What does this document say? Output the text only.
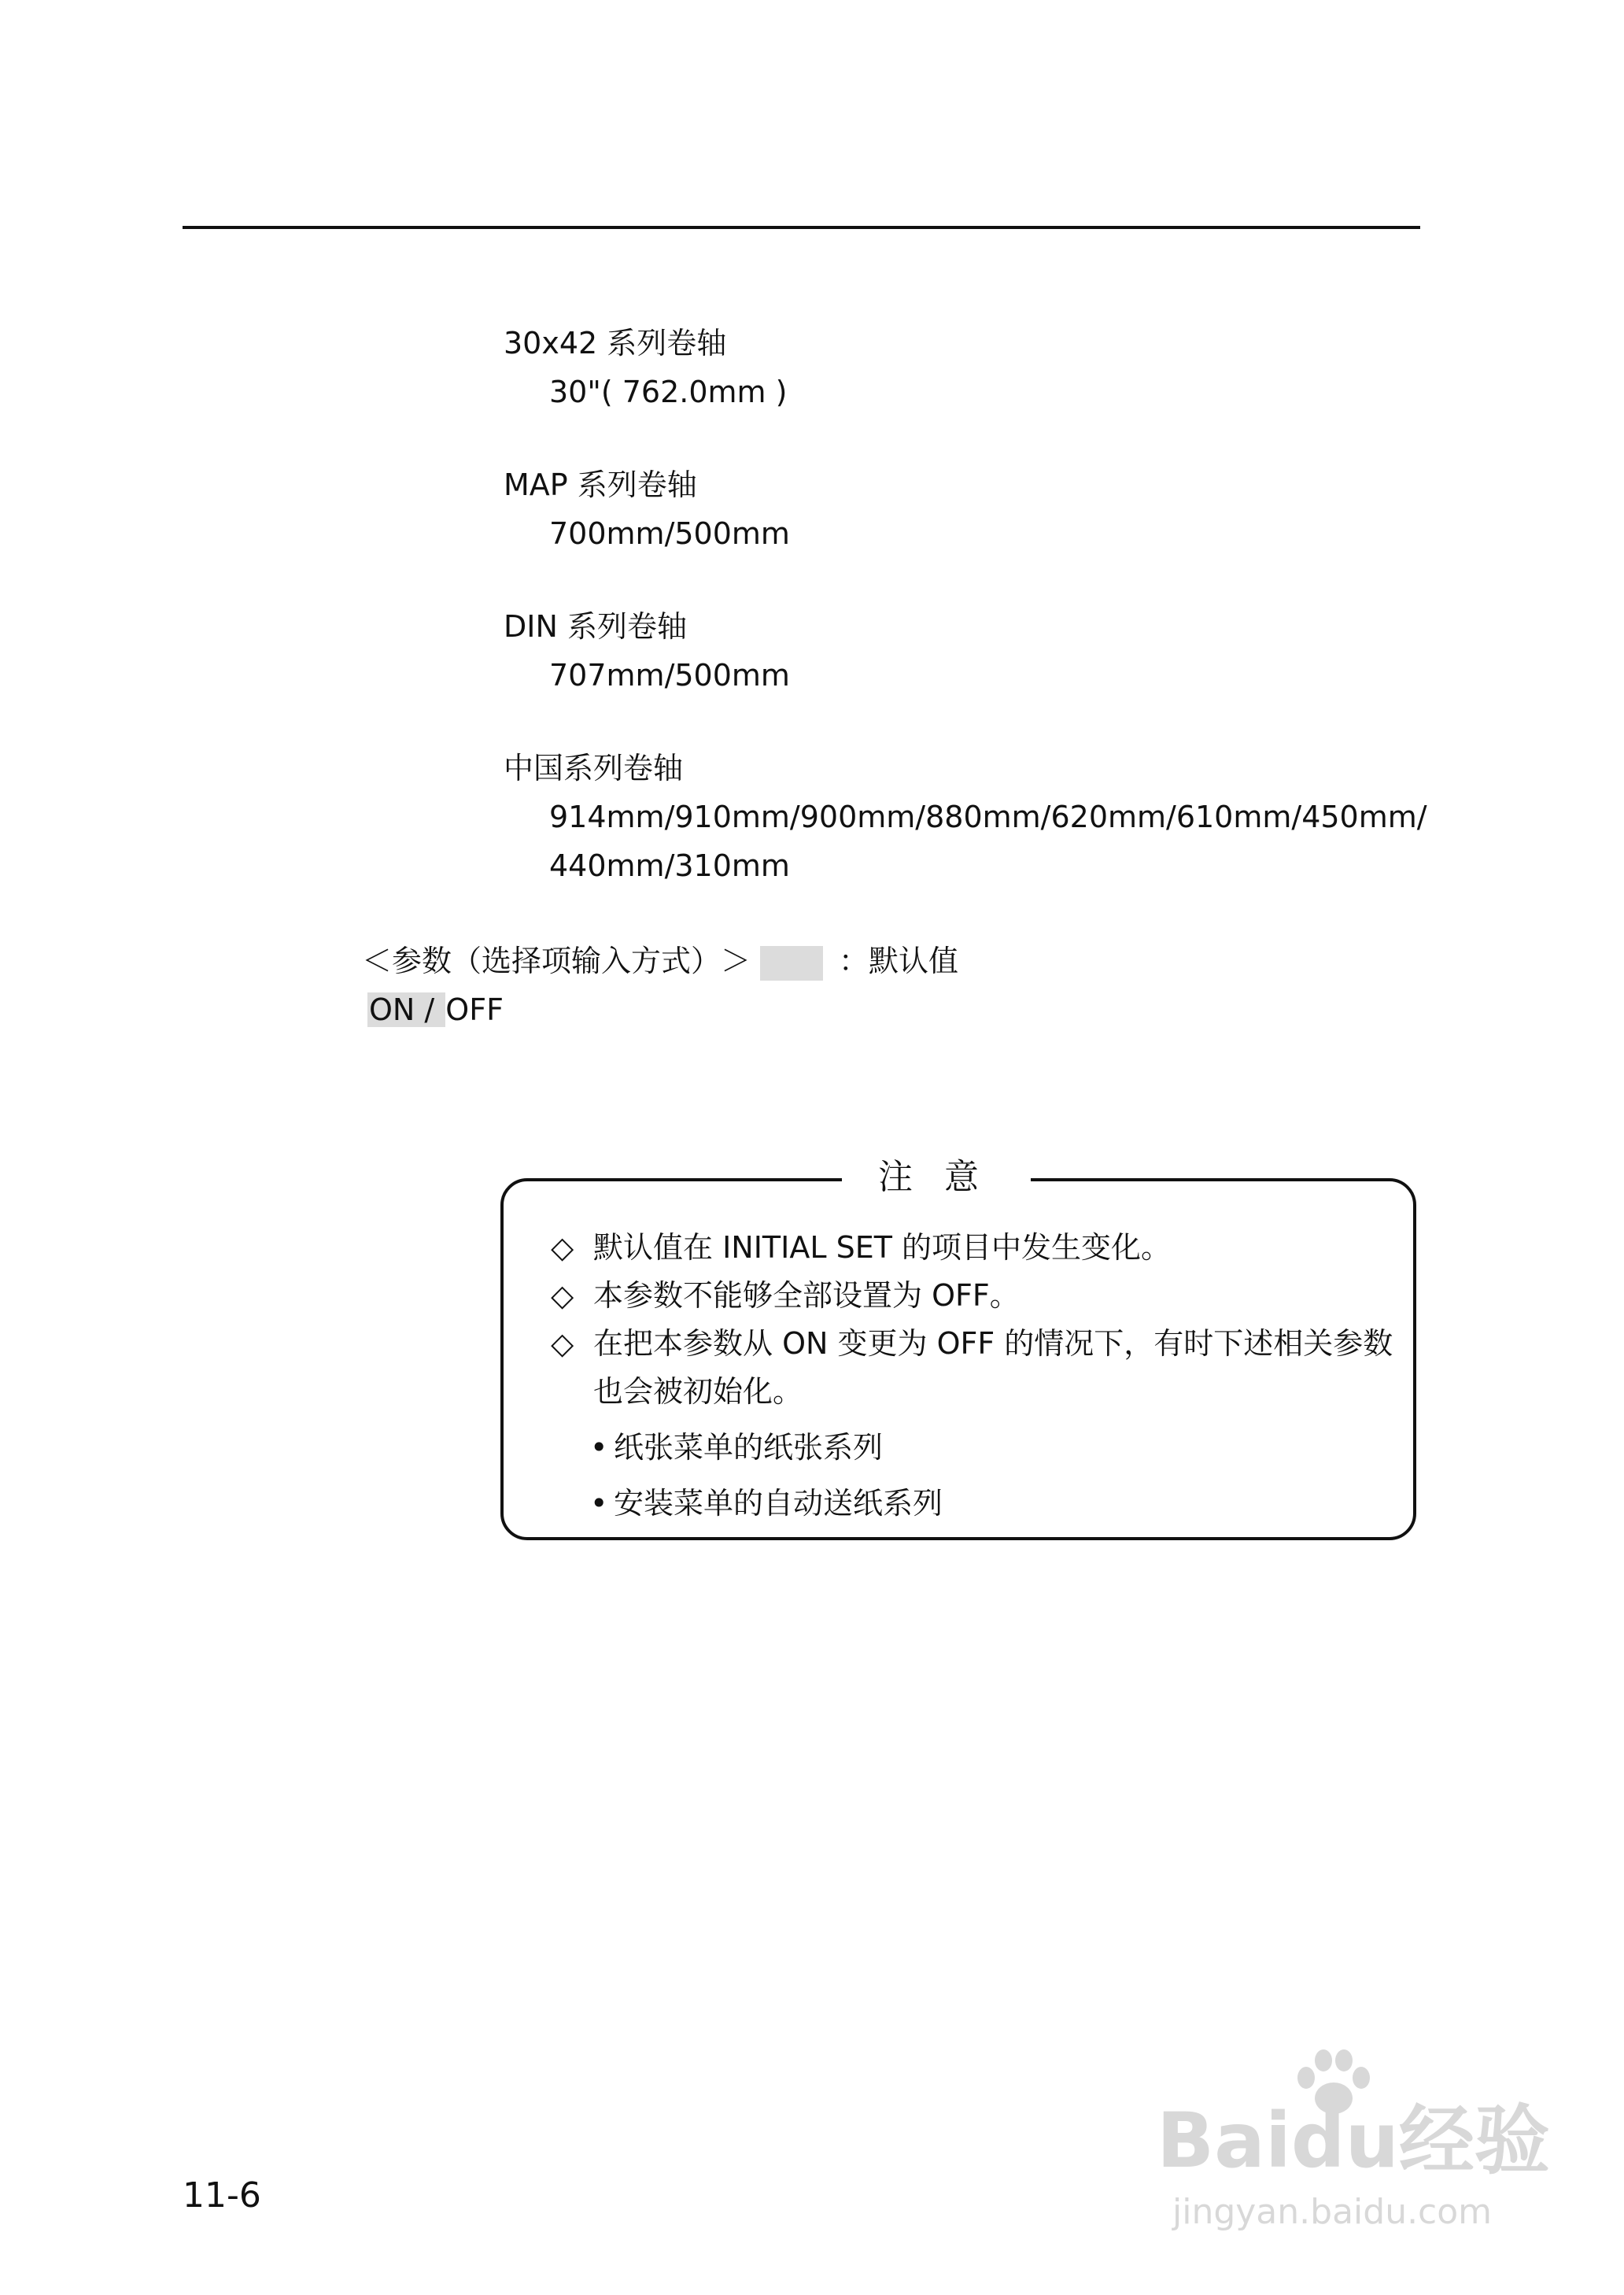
30x42 系列卷轴
30"( 762.0mm )
MAP 系列卷轴
700mm/500mm
DIN 系列卷轴
707mm/500mm
中国系列卷轴
914mm/910mm/900mm/880mm/620mm/610mm/450mm/
440mm/310mm
＜参数（选择项输入方式）＞	：默认值
ON / OFF
注意
◇ 默认值在 INITIAL SET 的项目中发生变化。
◇ 本参数不能够全部设置为 OFF。
◇ 在把本参数从 ON 变更为 OFF 的情况下，有时下述相关参数也会被初始化。
• 纸张菜单的纸张系列
• 安装菜单的自动送纸系列
11-6
Baidu经验
jingyan.baidu.com
